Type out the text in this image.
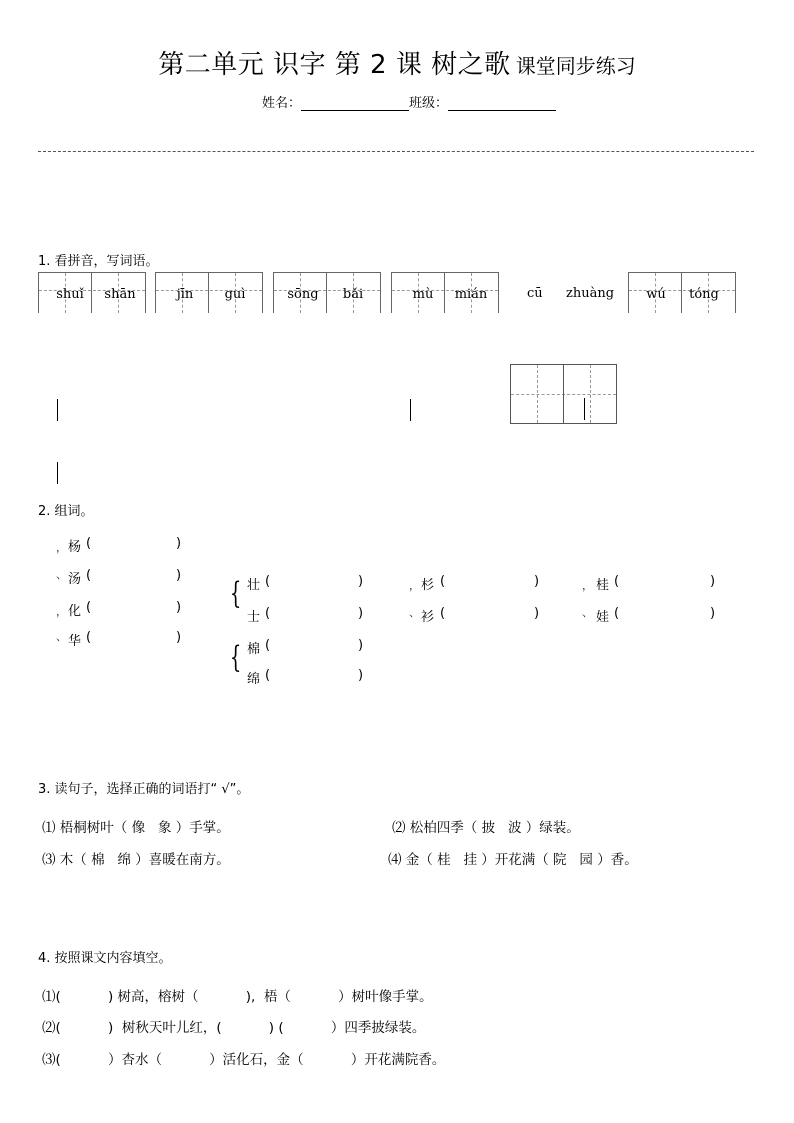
第二单元 识字 第 2 课 树之歌 课堂同步练习
姓名：	班级：
1. 看拼音，写词语。
shuǐ	shān	jīn	guì	sōng	bǎi	mù	mián	cū zhuàng	wú	tóng
2. 组词。
， 杨 (	)
、 汤 (	)
， 化 (	)
、 华 (	)
{ 壮 (	)
士 (	)
{ 棉 (	)
绵 (	)
， 杉 (	)
、 衫 (	)
， 桂 (	)
、 娃 (	)
3. 读句子，选择正确的词语打“ √”。
⑴ 梧桐树叶（ 像   象 ）手掌。	⑵ 松柏四季（ 披   波 ）绿装。
⑶ 木（ 棉   绵 ）喜暖在南方。	⑷ 金（ 桂   挂 ）开花满（ 院   园 ）香。
4. 按照课文内容填空。
⑴(           ) 树高，榕树（           ),  梧（           ）树叶像手掌。
⑵(           )  树秋天叶儿红，(           ) (           ）四季披绿装。
⑶(           ）杏水（           ）活化石，金（           ）开花满院香。
